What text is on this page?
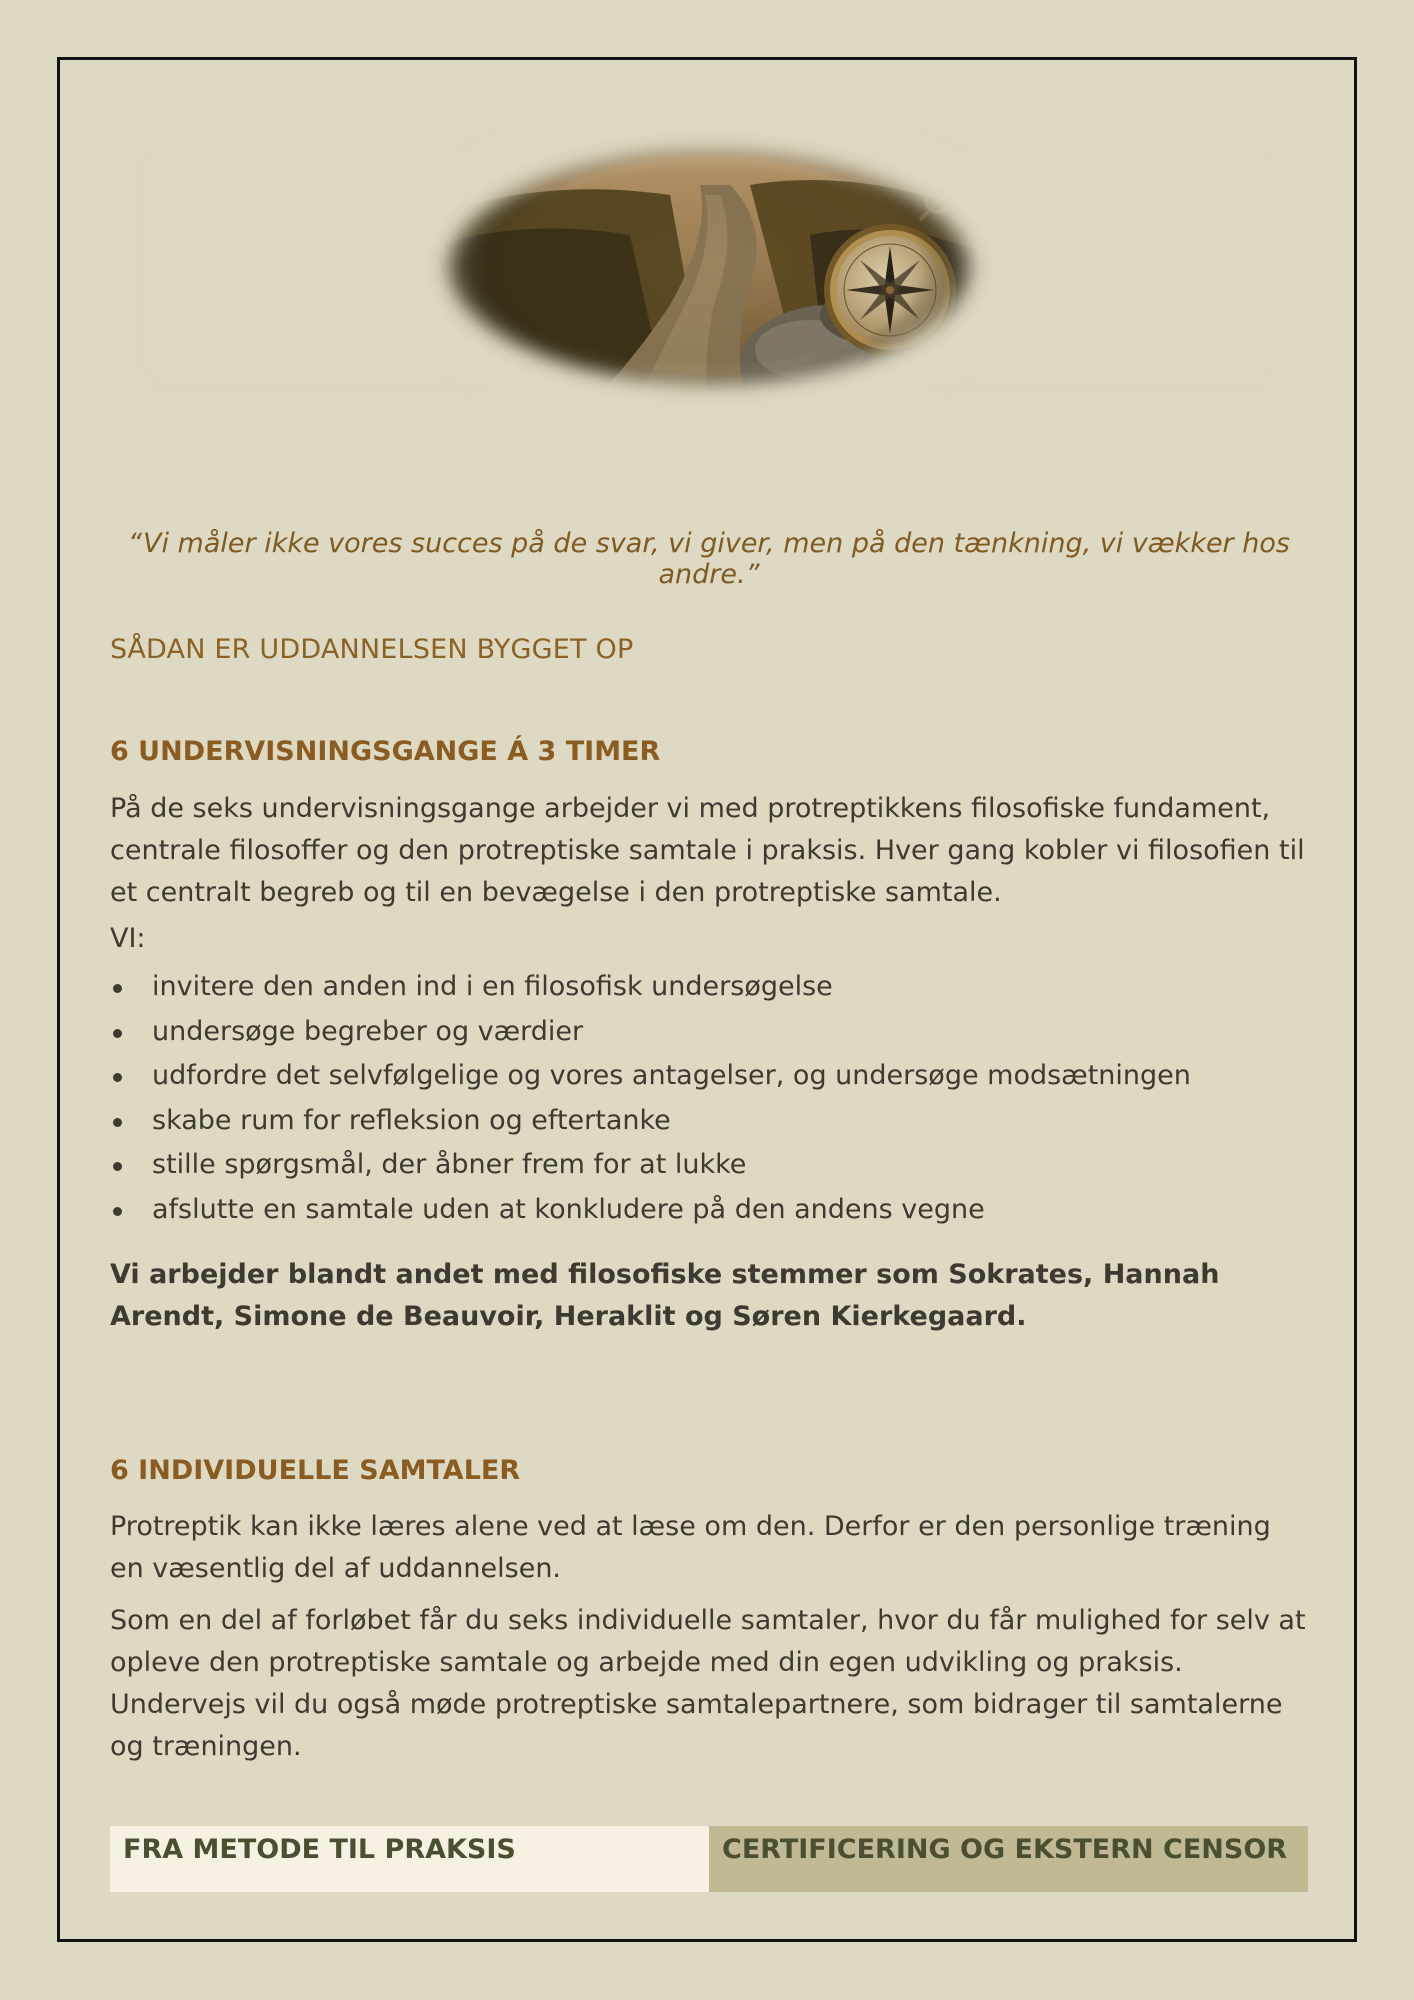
“Vi måler ikke vores succes på de svar, vi giver, men på den tænkning, vi vækker hos andre.”

SÅDAN ER UDDANNELSEN BYGGET OP

6 UNDERVISNINGSGANGE Á 3 TIMER

På de seks undervisningsgange arbejder vi med protreptikkens filosofiske fundament, centrale filosoffer og den protreptiske samtale i praksis. Hver gang kobler vi filosofien til et centralt begreb og til en bevægelse i den protreptiske samtale.

VI:

invitere den anden ind i en filosofisk undersøgelse
undersøge begreber og værdier
udfordre det selvfølgelige og vores antagelser, og undersøge modsætningen
skabe rum for refleksion og eftertanke
stille spørgsmål, der åbner frem for at lukke
afslutte en samtale uden at konkludere på den andens vegne

Vi arbejder blandt andet med filosofiske stemmer som Sokrates, Hannah Arendt, Simone de Beauvoir, Heraklit og Søren Kierkegaard.

6 INDIVIDUELLE SAMTALER

Protreptik kan ikke læres alene ved at læse om den. Derfor er den personlige træning en væsentlig del af uddannelsen.

Som en del af forløbet får du seks individuelle samtaler, hvor du får mulighed for selv at opleve den protreptiske samtale og arbejde med din egen udvikling og praksis. Undervejs vil du også møde protreptiske samtalepartnere, som bidrager til samtalerne og træningen.

FRA METODE TIL PRAKSIS	CERTIFICERING OG EKSTERN CENSOR
